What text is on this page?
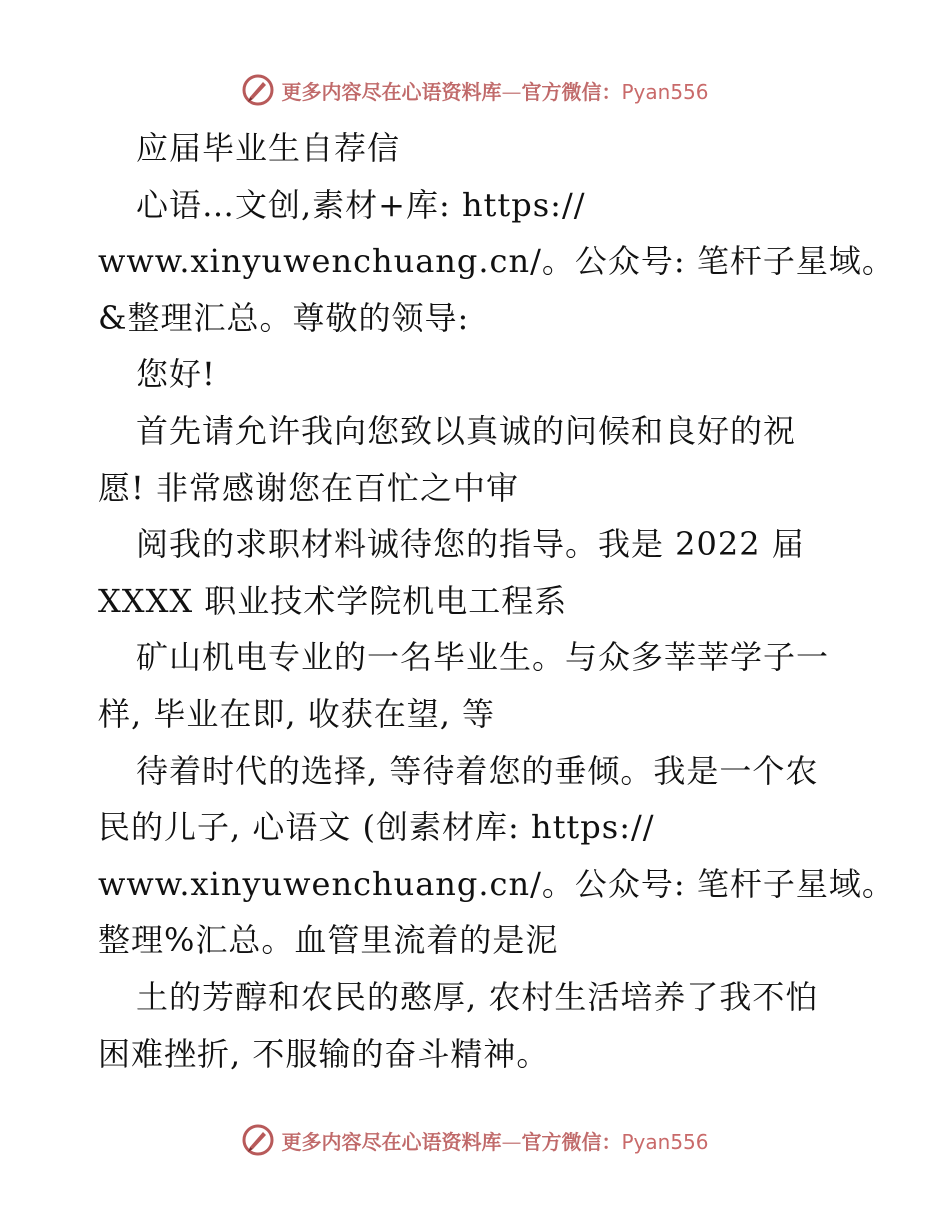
更多内容尽在心语资料库—官方微信：Pyan556
应届毕业生自荐信
心语…文创,素材+库: https://
www.xinyuwenchuang.cn/。公众号: 笔杆子星域。
&整理汇总。尊敬的领导:
您好!
首先请允许我向您致以真诚的问候和良好的祝
愿! 非常感谢您在百忙之中审
阅我的求职材料诚待您的指导。我是 2022 届
XXXX 职业技术学院机电工程系
矿山机电专业的一名毕业生。与众多莘莘学子一
样, 毕业在即, 收获在望, 等
待着时代的选择, 等待着您的垂倾。我是一个农
民的儿子, 心语文 (创素材库: https://
www.xinyuwenchuang.cn/。公众号: 笔杆子星域。
整理%汇总。血管里流着的是泥
土的芳醇和农民的憨厚, 农村生活培养了我不怕
困难挫折, 不服输的奋斗精神。
更多内容尽在心语资料库—官方微信：Pyan556
